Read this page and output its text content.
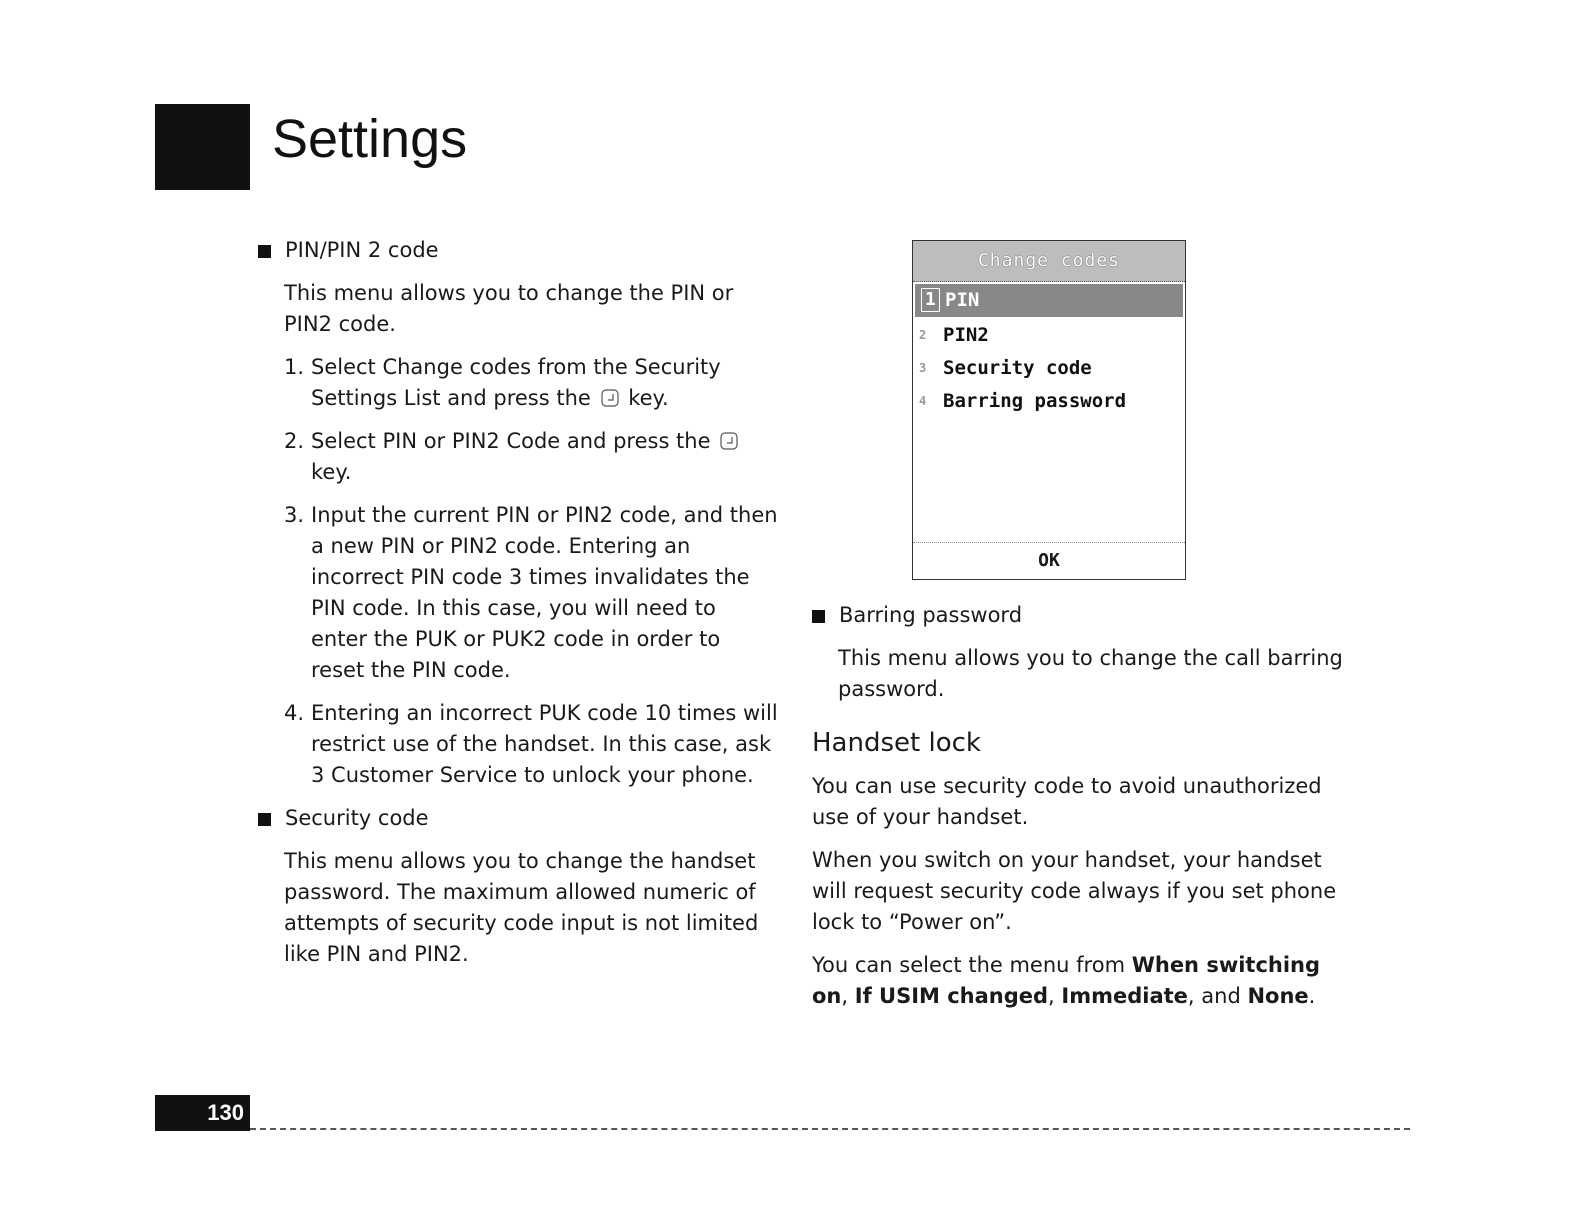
Settings
PIN/PIN 2 code
This menu allows you to change the PIN or PIN2 code.
1. Select Change codes from the Security Settings List and press the key.
2. Select PIN or PIN2 Code and press the  key.
3. Input the current PIN or PIN2 code, and then a new PIN or PIN2 code. Entering an incorrect PIN code 3 times invalidates the PIN code. In this case, you will need to enter the PUK or PUK2 code in order to reset the PIN code.
4. Entering an incorrect PUK code 10 times will restrict use of the handset. In this case, ask 3 Customer Service to unlock your phone.
Security code
This menu allows you to change the handset password. The maximum allowed numeric of attempts of security code input is not limited like PIN and PIN2.
Change codes
1 PIN
2 PIN2
3 Security code
4 Barring password
OK
Barring password
This menu allows you to change the call barring password.
Handset lock
You can use security code to avoid unauthorized use of your handset.
When you switch on your handset, your handset will request security code always if you set phone lock to “Power on”.
You can select the menu from When switching on, If USIM changed, Immediate, and None.
130
